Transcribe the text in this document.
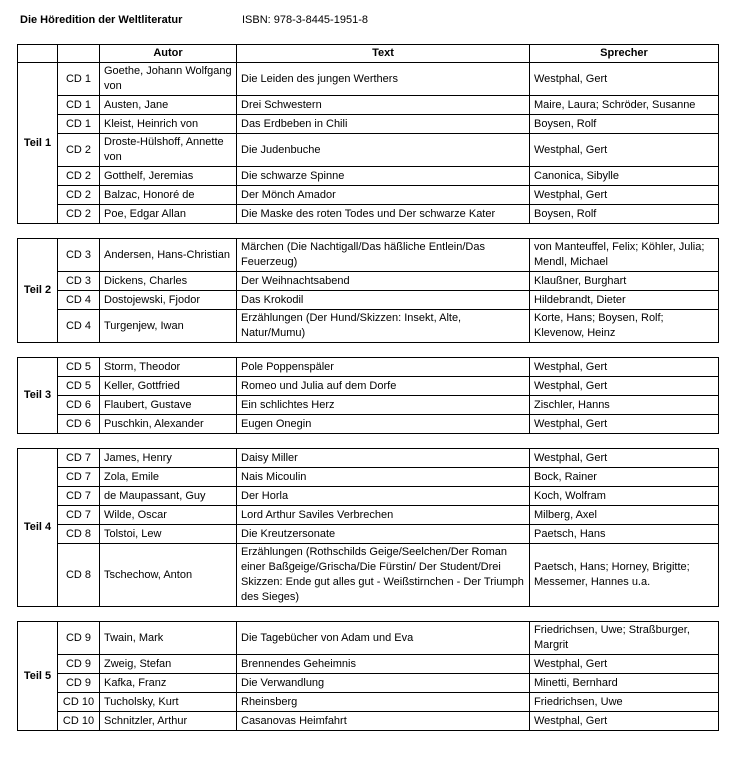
Die Höredition der Weltliteratur	ISBN: 978-3-8445-1951-8
		Autor	Text	Sprecher
Teil 1	CD 1	Goethe, Johann Wolfgang von	Die Leiden des jungen Werthers	Westphal, Gert
	CD 1	Austen, Jane	Drei Schwestern	Maire, Laura; Schröder, Susanne
	CD 1	Kleist, Heinrich von	Das Erdbeben in Chili	Boysen, Rolf
	CD 2	Droste-Hülshoff, Annette von	Die Judenbuche	Westphal, Gert
	CD 2	Gotthelf, Jeremias	Die schwarze Spinne	Canonica, Sibylle
	CD 2	Balzac, Honoré de	Der Mönch Amador	Westphal, Gert
	CD 2	Poe, Edgar Allan	Die Maske des roten Todes und Der schwarze Kater	Boysen, Rolf

Teil 2	CD 3	Andersen, Hans-Christian	Märchen (Die Nachtigall/Das häßliche Entlein/Das Feuerzeug)	von Manteuffel, Felix; Köhler, Julia; Mendl, Michael
	CD 3	Dickens, Charles	Der Weihnachtsabend	Klaußner, Burghart
	CD 4	Dostojewski, Fjodor	Das Krokodil	Hildebrandt, Dieter
	CD 4	Turgenjew, Iwan	Erzählungen (Der Hund/Skizzen: Insekt, Alte, Natur/Mumu)	Korte, Hans; Boysen, Rolf; Klevenow, Heinz

Teil 3	CD 5	Storm, Theodor	Pole Poppenspäler	Westphal, Gert
	CD 5	Keller, Gottfried	Romeo und Julia auf dem Dorfe	Westphal, Gert
	CD 6	Flaubert, Gustave	Ein schlichtes Herz	Zischler, Hanns
	CD 6	Puschkin, Alexander	Eugen Onegin	Westphal, Gert

Teil 4	CD 7	James, Henry	Daisy Miller	Westphal, Gert
	CD 7	Zola, Emile	Nais Micoulin	Bock, Rainer
	CD 7	de Maupassant, Guy	Der Horla	Koch, Wolfram
	CD 7	Wilde, Oscar	Lord Arthur Saviles Verbrechen	Milberg, Axel
	CD 8	Tolstoi, Lew	Die Kreutzersonate	Paetsch, Hans
	CD 8	Tschechow, Anton	Erzählungen (Rothschilds Geige/Seelchen/Der Roman einer Baßgeige/Grischa/Die Fürstin/ Der Student/Drei Skizzen: Ende gut alles gut - Weißstirnchen - Der Triumph des Sieges)	Paetsch, Hans; Horney, Brigitte; Messemer, Hannes u.a.

Teil 5	CD 9	Twain, Mark	Die Tagebücher von Adam und Eva	Friedrichsen, Uwe; Straßburger, Margrit
	CD 9	Zweig, Stefan	Brennendes Geheimnis	Westphal, Gert
	CD 9	Kafka, Franz	Die Verwandlung	Minetti, Bernhard
	CD 10	Tucholsky, Kurt	Rheinsberg	Friedrichsen, Uwe
	CD 10	Schnitzler, Arthur	Casanovas Heimfahrt	Westphal, Gert
